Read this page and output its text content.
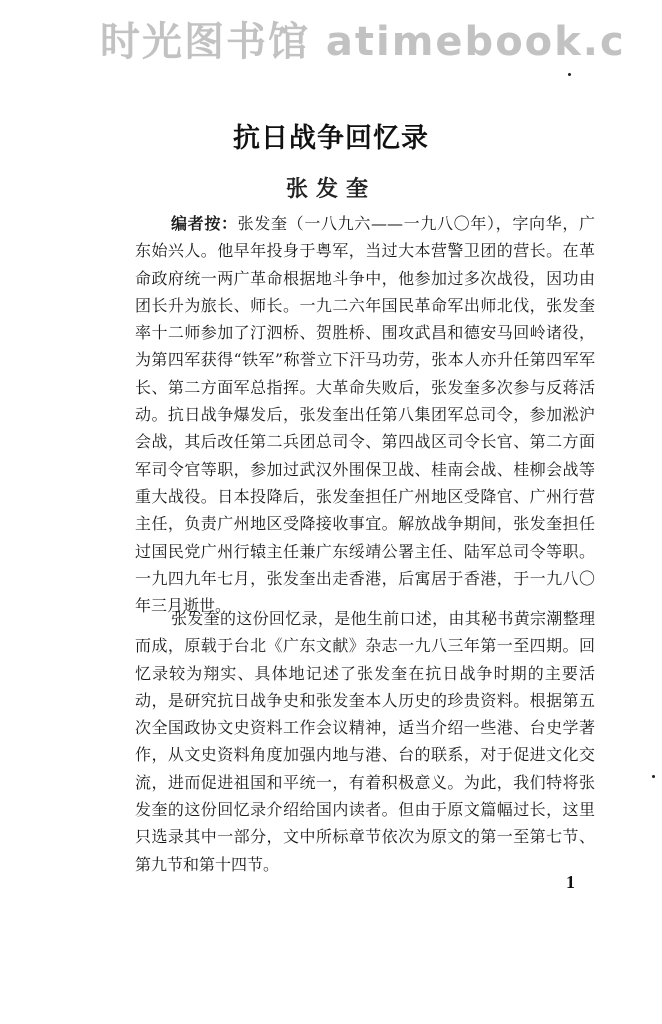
时光图书馆 atimebook.c
抗日战争回忆录
张发奎

编者按：张发奎（一八九六——一九八〇年），字向华，广东始兴人。他早年投身于粤军，当过大本营警卫团的营长。在革命政府统一两广革命根据地斗争中，他参加过多次战役，因功由团长升为旅长、师长。一九二六年国民革命军出师北伐，张发奎率十二师参加了汀泗桥、贺胜桥、围攻武昌和德安马回岭诸役，为第四军获得“铁军”称誉立下汗马功劳，张本人亦升任第四军军长、第二方面军总指挥。大革命失败后，张发奎多次参与反蒋活动。抗日战争爆发后，张发奎出任第八集团军总司令，参加淞沪会战，其后改任第二兵团总司令、第四战区司令长官、第二方面军司令官等职，参加过武汉外围保卫战、桂南会战、桂柳会战等重大战役。日本投降后，张发奎担任广州地区受降官、广州行营主任，负责广州地区受降接收事宜。解放战争期间，张发奎担任过国民党广州行辕主任兼广东绥靖公署主任、陆军总司令等职。一九四九年七月，张发奎出走香港，后寓居于香港，于一九八〇年三月逝世。

张发奎的这份回忆录，是他生前口述，由其秘书黄宗潮整理而成，原载于台北《广东文献》杂志一九八三年第一至四期。回忆录较为翔实、具体地记述了张发奎在抗日战争时期的主要活动，是研究抗日战争史和张发奎本人历史的珍贵资料。根据第五次全国政协文史资料工作会议精神，适当介绍一些港、台史学著作，从文史资料角度加强内地与港、台的联系，对于促进文化交流，进而促进祖国和平统一，有着积极意义。为此，我们特将张发奎的这份回忆录介绍给国内读者。但由于原文篇幅过长，这里只选录其中一部分，文中所标章节依次为原文的第一至第七节、第九节和第十四节。

1
